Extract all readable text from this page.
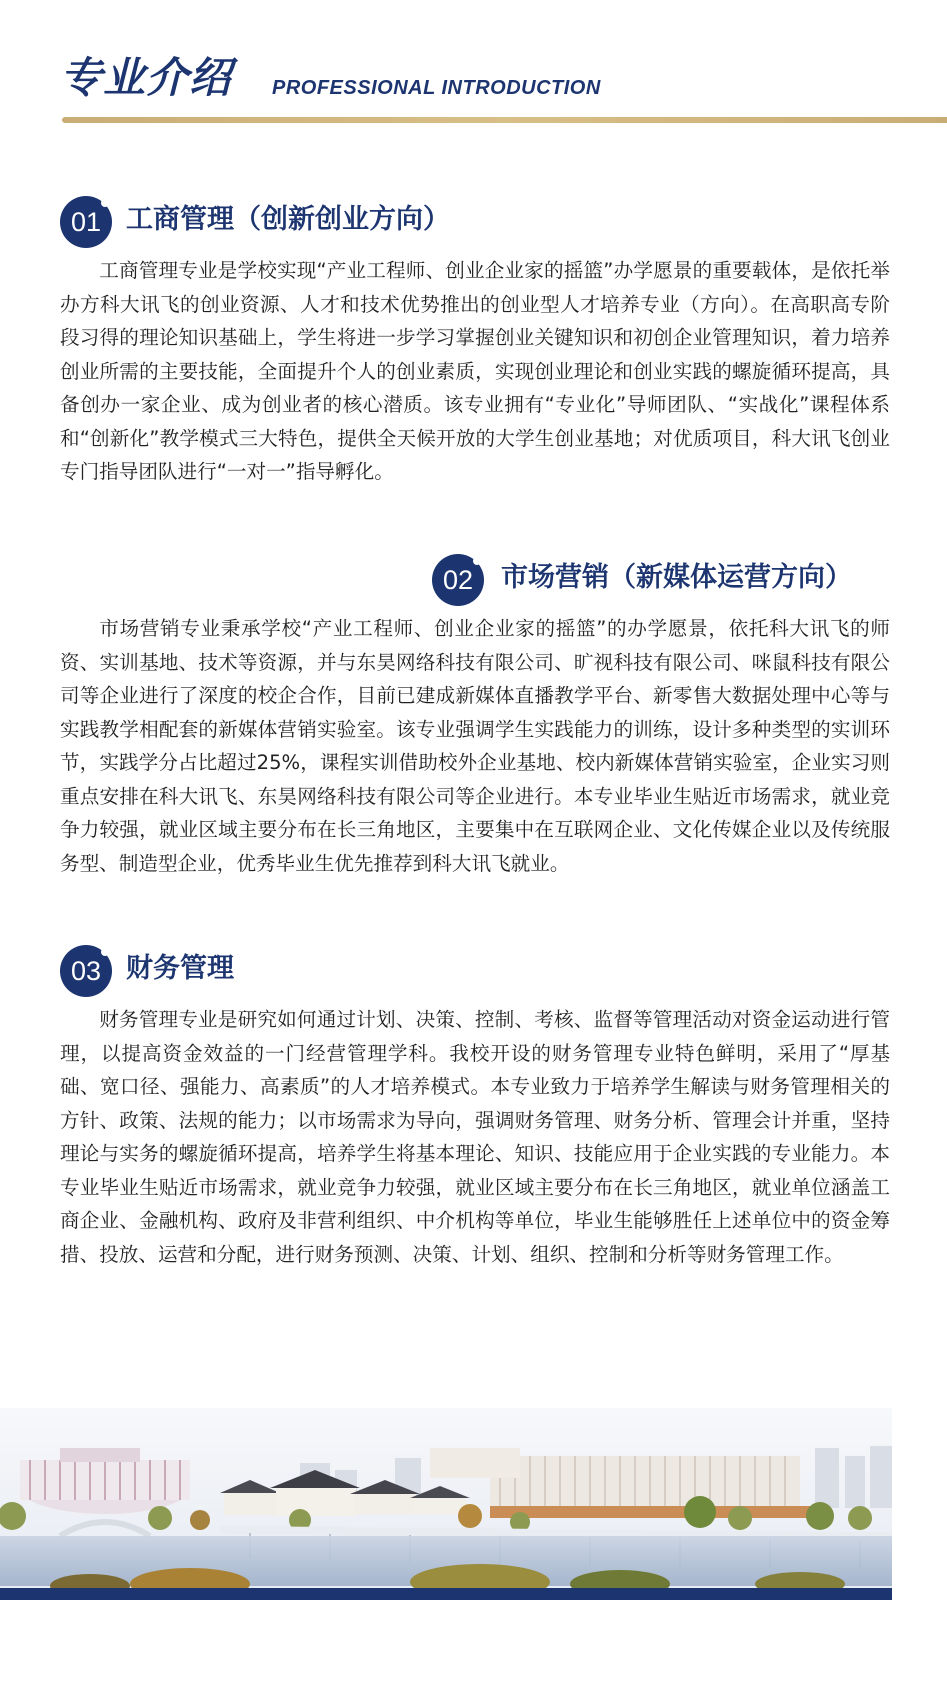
专业介绍 PROFESSIONAL INTRODUCTION
01 工商管理（创新创业方向）
工商管理专业是学校实现“产业工程师、创业企业家的摇篮”办学愿景的重要载体，是依托举办方科大讯飞的创业资源、人才和技术优势推出的创业型人才培养专业（方向）。在高职高专阶段习得的理论知识基础上，学生将进一步学习掌握创业关键知识和初创企业管理知识，着力培养创业所需的主要技能，全面提升个人的创业素质，实现创业理论和创业实践的螺旋循环提高，具备创办一家企业、成为创业者的核心潜质。该专业拥有“专业化”导师团队、“实战化”课程体系和“创新化”教学模式三大特色，提供全天候开放的大学生创业基地；对优质项目，科大讯飞创业专门指导团队进行“一对一”指导孵化。
02	市场营销（新媒体运营方向）
市场营销专业秉承学校“产业工程师、创业企业家的摇篮”的办学愿景，依托科大讯飞的师资、实训基地、技术等资源，并与东昊网络科技有限公司、旷视科技有限公司、咪鼠科技有限公司等企业进行了深度的校企合作，目前已建成新媒体直播教学平台、新零售大数据处理中心等与实践教学相配套的新媒体营销实验室。该专业强调学生实践能力的训练，设计多种类型的实训环节，实践学分占比超过25%，课程实训借助校外企业基地、校内新媒体营销实验室，企业实习则重点安排在科大讯飞、东昊网络科技有限公司等企业进行。本专业毕业生贴近市场需求，就业竞争力较强，就业区域主要分布在长三角地区，主要集中在互联网企业、文化传媒企业以及传统服务型、制造型企业，优秀毕业生优先推荐到科大讯飞就业。
03 财务管理
财务管理专业是研究如何通过计划、决策、控制、考核、监督等管理活动对资金运动进行管理，以提高资金效益的一门经营管理学科。我校开设的财务管理专业特色鲜明，采用了“厚基础、宽口径、强能力、高素质”的人才培养模式。本专业致力于培养学生解读与财务管理相关的方针、政策、法规的能力；以市场需求为导向，强调财务管理、财务分析、管理会计并重，坚持理论与实务的螺旋循环提高，培养学生将基本理论、知识、技能应用于企业实践的专业能力。本专业毕业生贴近市场需求，就业竞争力较强，就业区域主要分布在长三角地区，就业单位涵盖工商企业、金融机构、政府及非营利组织、中介机构等单位，毕业生能够胜任上述单位中的资金筹措、投放、运营和分配，进行财务预测、决策、计划、组织、控制和分析等财务管理工作。
